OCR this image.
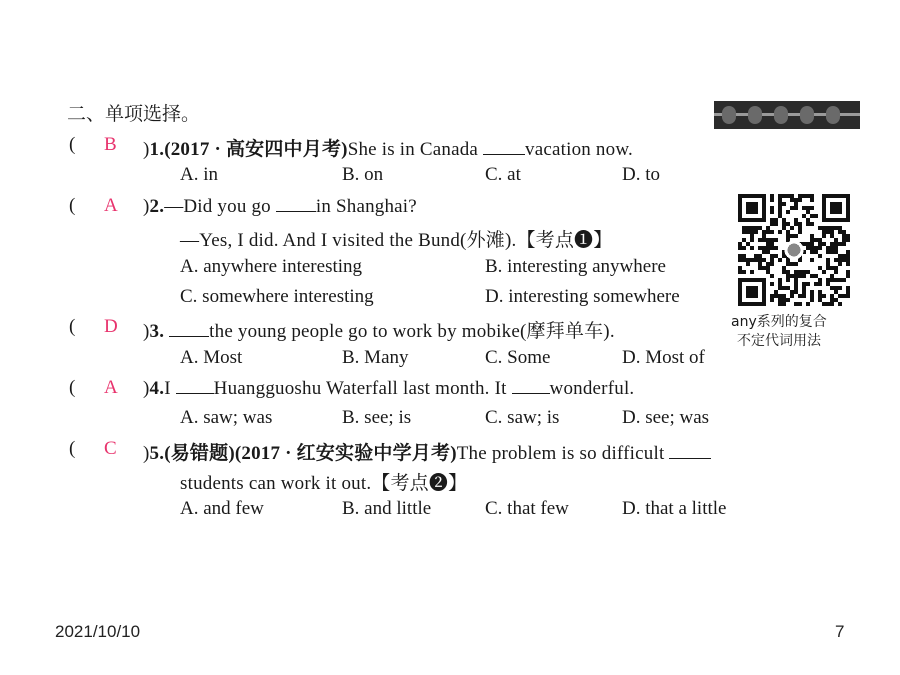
二、单项选择。
( B )1.(2017 · 高安四中月考)She is in Canada vacation now.
A. in	B. on	C. at	D. to
( A )2.—Did you go in Shanghai?
—Yes, I did. And I visited the Bund(外滩).【考点❶】
A. anywhere interesting	B. interesting anywhere
C. somewhere interesting	D. interesting somewhere
( D )3. the young people go to work by mobike(摩拜单车).
A. Most	B. Many	C. Some	D. Most of
( A )4.I Huangguoshu Waterfall last month. It wonderful.
A. saw; was	B. see; is	C. saw; is	D. see; was
( C )5.(易错题)(2017 · 红安实验中学月考)The problem is so difficult
students can work it out.【考点❷】
A. and few	B. and little	C. that few	D. that a little
any系列的复合
不定代词用法
2021/10/10	7
